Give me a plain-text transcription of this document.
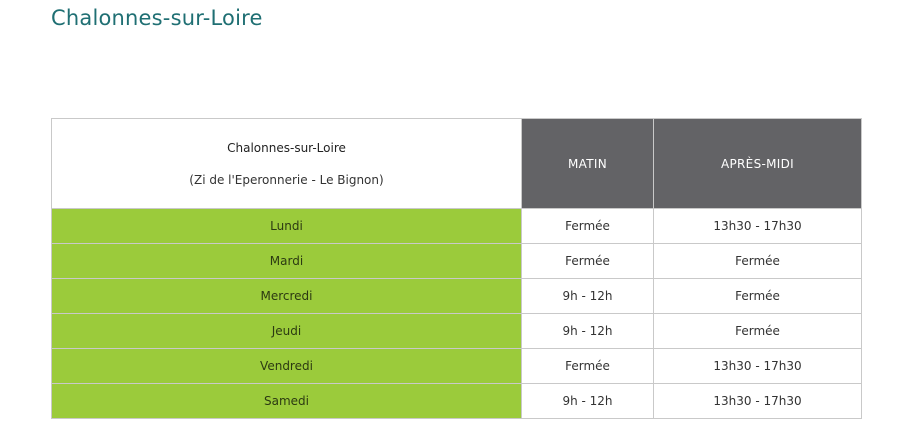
Chalonnes-sur-Loire
Chalonnes-sur-Loire
(Zi de l'Eperonnerie - Le Bignon)	MATIN	APRÈS-MIDI
Lundi	Fermée	13h30 - 17h30
Mardi	Fermée	Fermée
Mercredi	9h - 12h	Fermée
Jeudi	9h - 12h	Fermée
Vendredi	Fermée	13h30 - 17h30
Samedi	9h - 12h	13h30 - 17h30
